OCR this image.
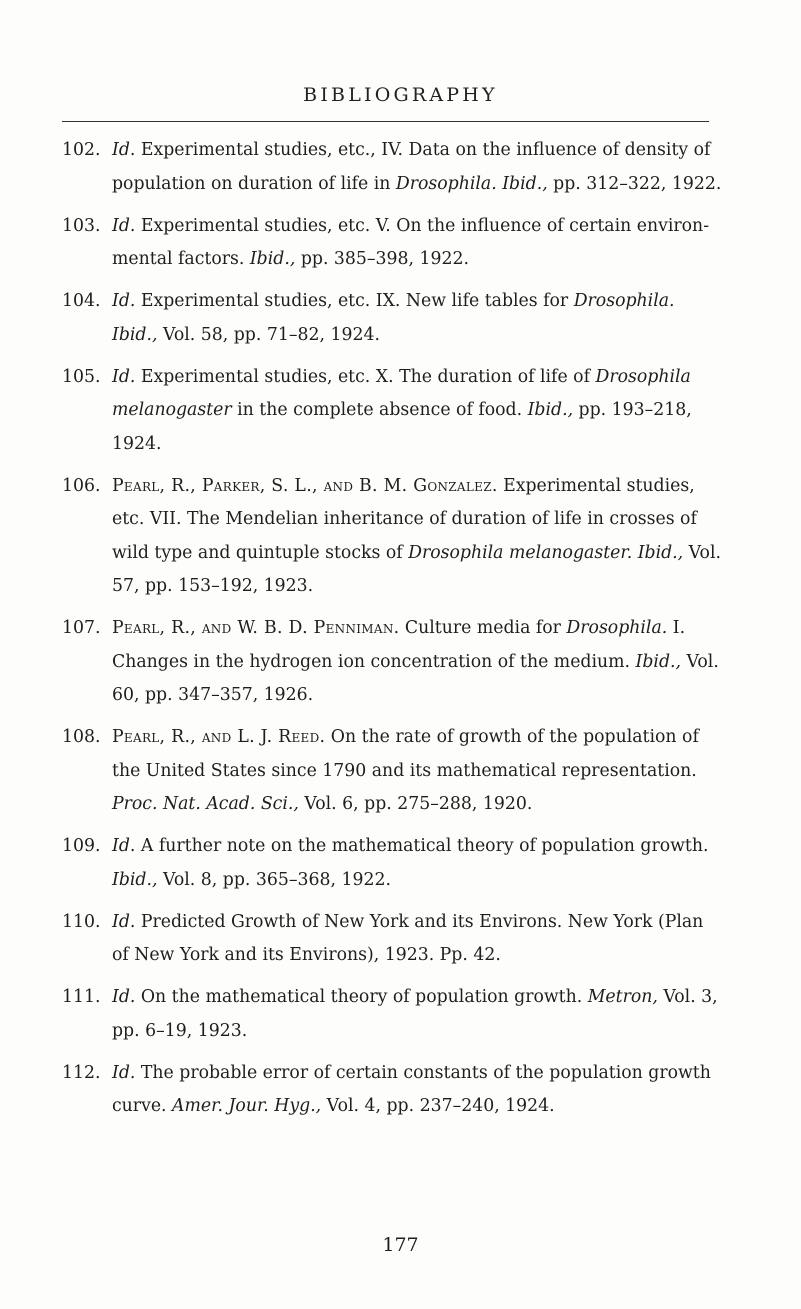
BIBLIOGRAPHY
102. Id. Experimental studies, etc., IV. Data on the influence of density of population on duration of life in Drosophila. Ibid., pp. 312–322, 1922.
103. Id. Experimental studies, etc. V. On the influence of certain environmental factors. Ibid., pp. 385–398, 1922.
104. Id. Experimental studies, etc. IX. New life tables for Drosophila. Ibid., Vol. 58, pp. 71–82, 1924.
105. Id. Experimental studies, etc. X. The duration of life of Drosophila melanogaster in the complete absence of food. Ibid., pp. 193–218, 1924.
106. Pearl, R., Parker, S. L., and B. M. Gonzalez. Experimental studies, etc. VII. The Mendelian inheritance of duration of life in crosses of wild type and quintuple stocks of Drosophila melanogaster. Ibid., Vol. 57, pp. 153–192, 1923.
107. Pearl, R., and W. B. D. Penniman. Culture media for Drosophila. I. Changes in the hydrogen ion concentration of the medium. Ibid., Vol. 60, pp. 347–357, 1926.
108. Pearl, R., and L. J. Reed. On the rate of growth of the population of the United States since 1790 and its mathematical representation. Proc. Nat. Acad. Sci., Vol. 6, pp. 275–288, 1920.
109. Id. A further note on the mathematical theory of population growth. Ibid., Vol. 8, pp. 365–368, 1922.
110. Id. Predicted Growth of New York and its Environs. New York (Plan of New York and its Environs), 1923. Pp. 42.
111. Id. On the mathematical theory of population growth. Metron, Vol. 3, pp. 6–19, 1923.
112. Id. The probable error of certain constants of the population growth curve. Amer. Jour. Hyg., Vol. 4, pp. 237–240, 1924.
177
